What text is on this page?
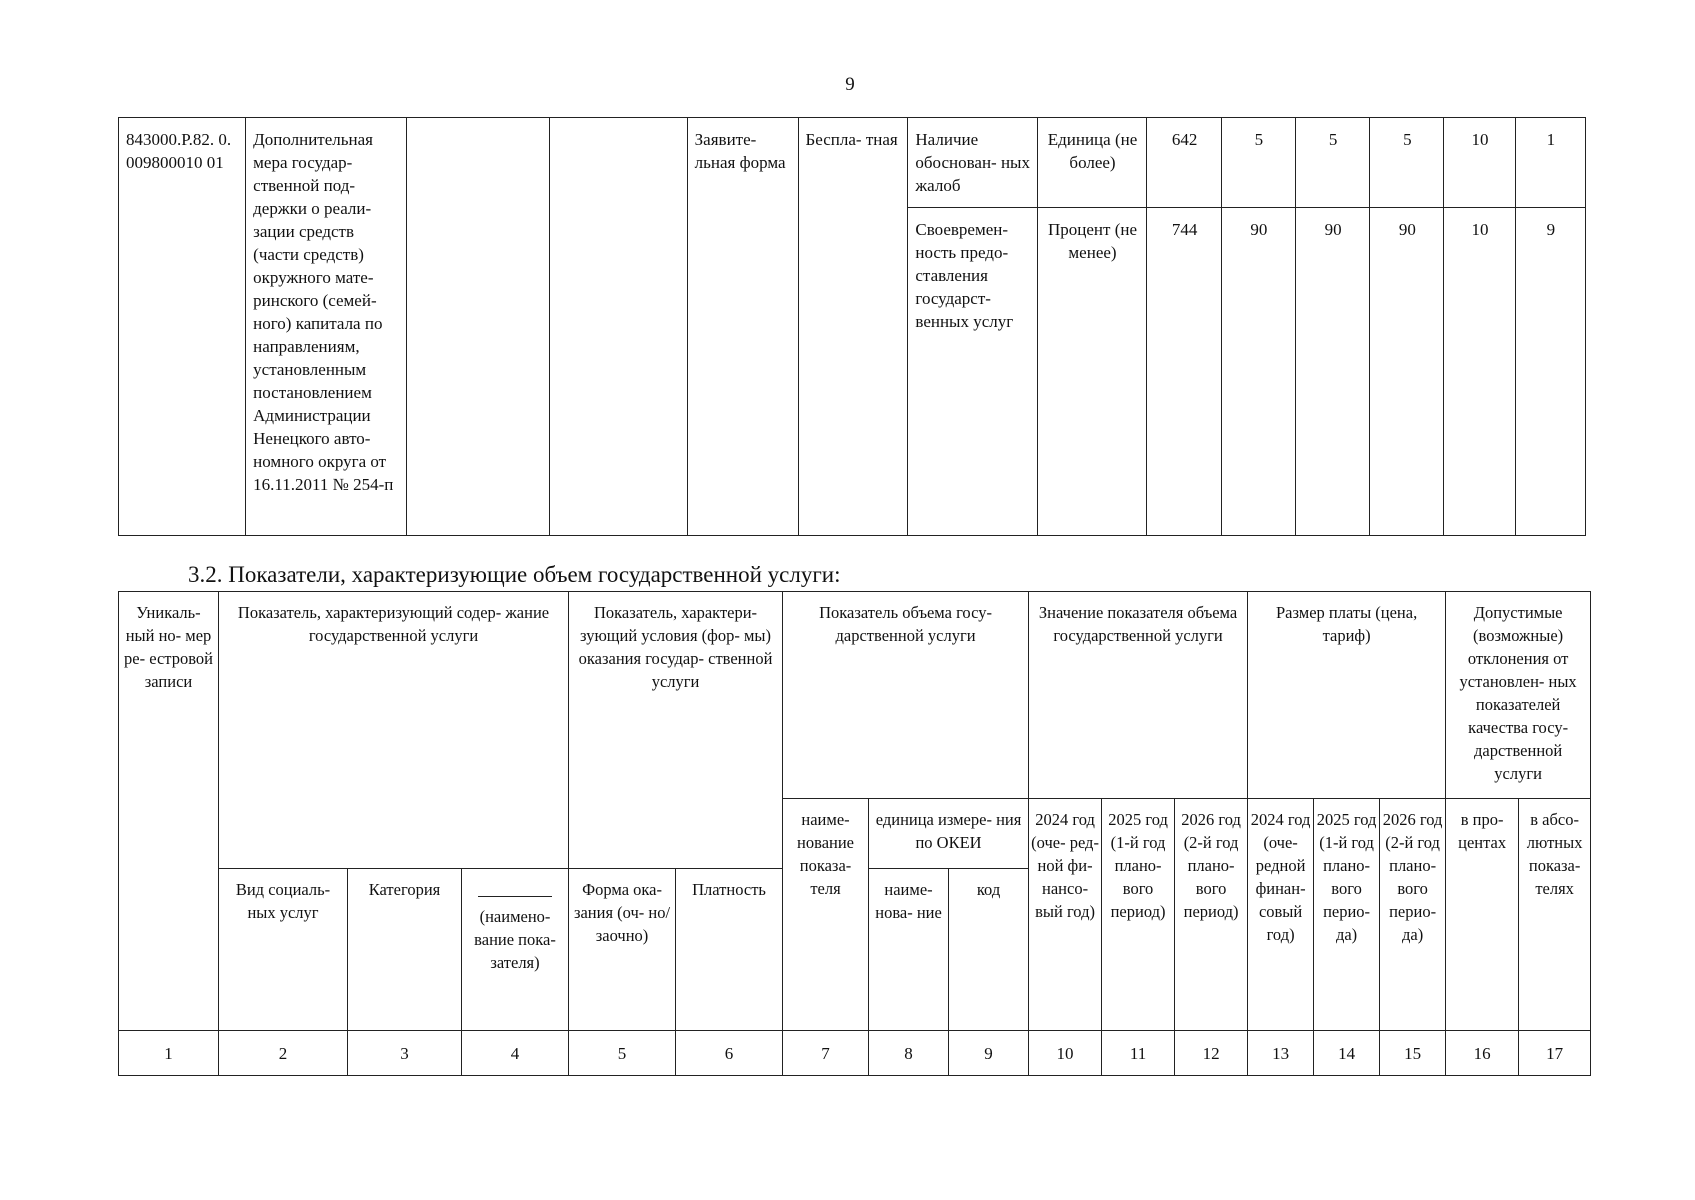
9
843000.Р.82. 0.009800010 01	Дополнительная мера государ- ственной под- держки о реали- зации средств (части средств) окружного мате- ринского (семей- ного) капитала по направлениям, установленным постановлением Администрации Ненецкого авто- номного округа от 16.11.2011 № 254-п			Заявите- льная форма	Беспла- тная	Наличие обоснован- ных жалоб	Единица (не более)	642	5	5	5	10	1
						Своевремен- ность предо- ставления государст- венных услуг	Процент (не менее)	744	90	90	90	10	9
3.2. Показатели, характеризующие объем государственной услуги:
Уникаль- ный но- мер ре- естровой записи	Показатель, характеризующий содер- жание государственной услуги			Показатель, характери- зующий условия (фор- мы) оказания государ- ственной услуги		Показатель объема госу- дарственной услуги			Значение показателя объема государственной услуги			Размер платы (цена, тариф)			Допустимые (возможные) отклонения от установлен- ных показателей качества госу- дарственной услуги	
						наиме- нование показа- теля	единица измере- ния по ОКЕИ		2024 год (оче- ред- ной фи- нансо- вый год)	2025 год (1-й год плано- вого период)	2026 год (2-й год плано- вого период)	2024 год (оче- редной финан- совый год)	2025 год (1-й год плано- вого перио- да)	2026 год (2-й год плано- вого перио- да)	в про- центах	в абсо- лютных показа- телях
	Вид социаль- ных услуг	Категория	(наимено- вание пока- зателя)	Форма ока- зания (оч- но/заочно)	Платность		наиме- нова- ние	код								

1	2	3	4	5	6	7	8	9	10	11	12	13	14	15	16	17
